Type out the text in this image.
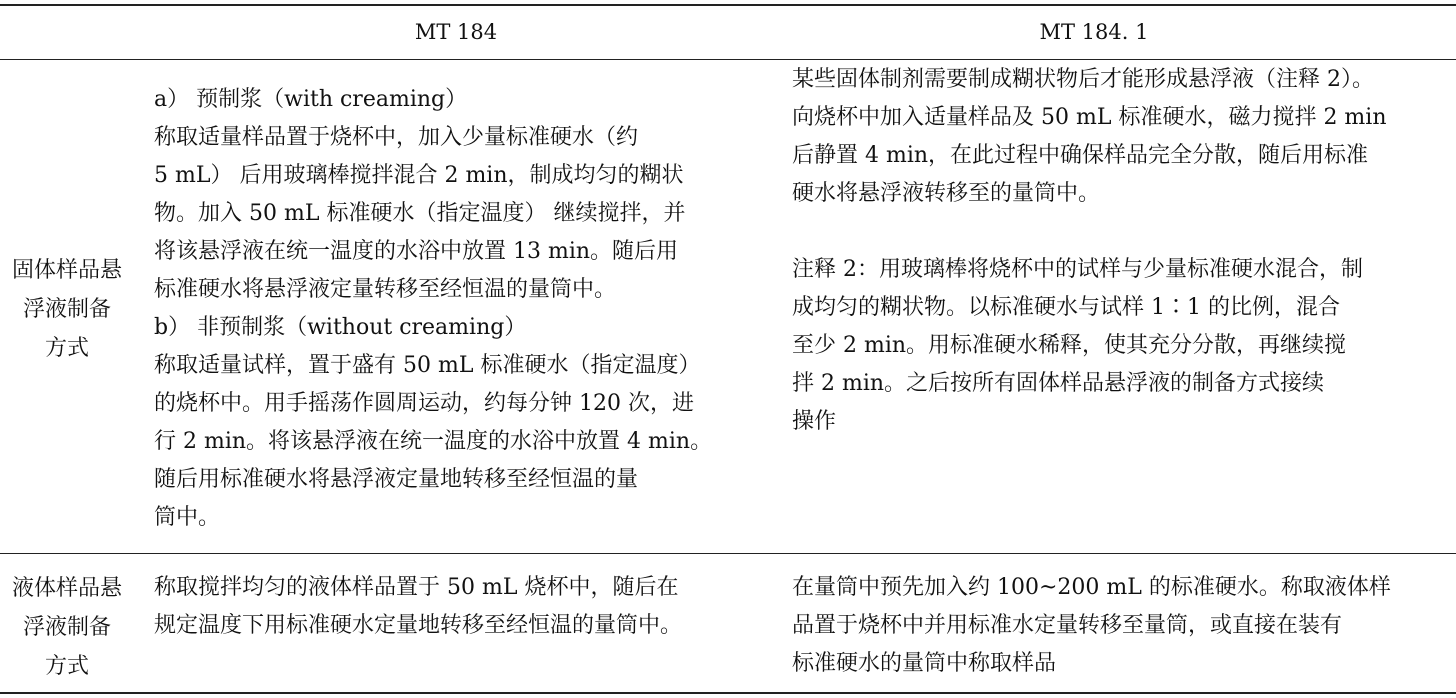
MT 184	MT 184. 1
固体样品悬
浮液制备
方式
a） 预制浆（with creaming）
称取适量样品置于烧杯中，加入少量标准硬水（约
5 mL） 后用玻璃棒搅拌混合 2 min，制成均匀的糊状
物。加入 50 mL 标准硬水（指定温度） 继续搅拌，并
将该悬浮液在统一温度的水浴中放置 13 min。随后用
标准硬水将悬浮液定量转移至经恒温的量筒中。
b） 非预制浆（without creaming）
称取适量试样，置于盛有 50 mL 标准硬水（指定温度）
的烧杯中。用手摇荡作圆周运动，约每分钟 120 次，进
行 2 min。将该悬浮液在统一温度的水浴中放置 4 min。
随后用标准硬水将悬浮液定量地转移至经恒温的量
筒中。
某些固体制剂需要制成糊状物后才能形成悬浮液（注释 2）。
向烧杯中加入适量样品及 50 mL 标准硬水，磁力搅拌 2 min
后静置 4 min，在此过程中确保样品完全分散，随后用标准
硬水将悬浮液转移至的量筒中。
注释 2：用玻璃棒将烧杯中的试样与少量标准硬水混合，制
成均匀的糊状物。以标准硬水与试样 1∶1 的比例，混合
至少 2 min。用标准硬水稀释，使其充分分散，再继续搅
拌 2 min。之后按所有固体样品悬浮液的制备方式接续
操作
液体样品悬
浮液制备
方式
称取搅拌均匀的液体样品置于 50 mL 烧杯中，随后在
规定温度下用标准硬水定量地转移至经恒温的量筒中。
在量筒中预先加入约 100~200 mL 的标准硬水。称取液体样
品置于烧杯中并用标准水定量转移至量筒，或直接在装有
标准硬水的量筒中称取样品
